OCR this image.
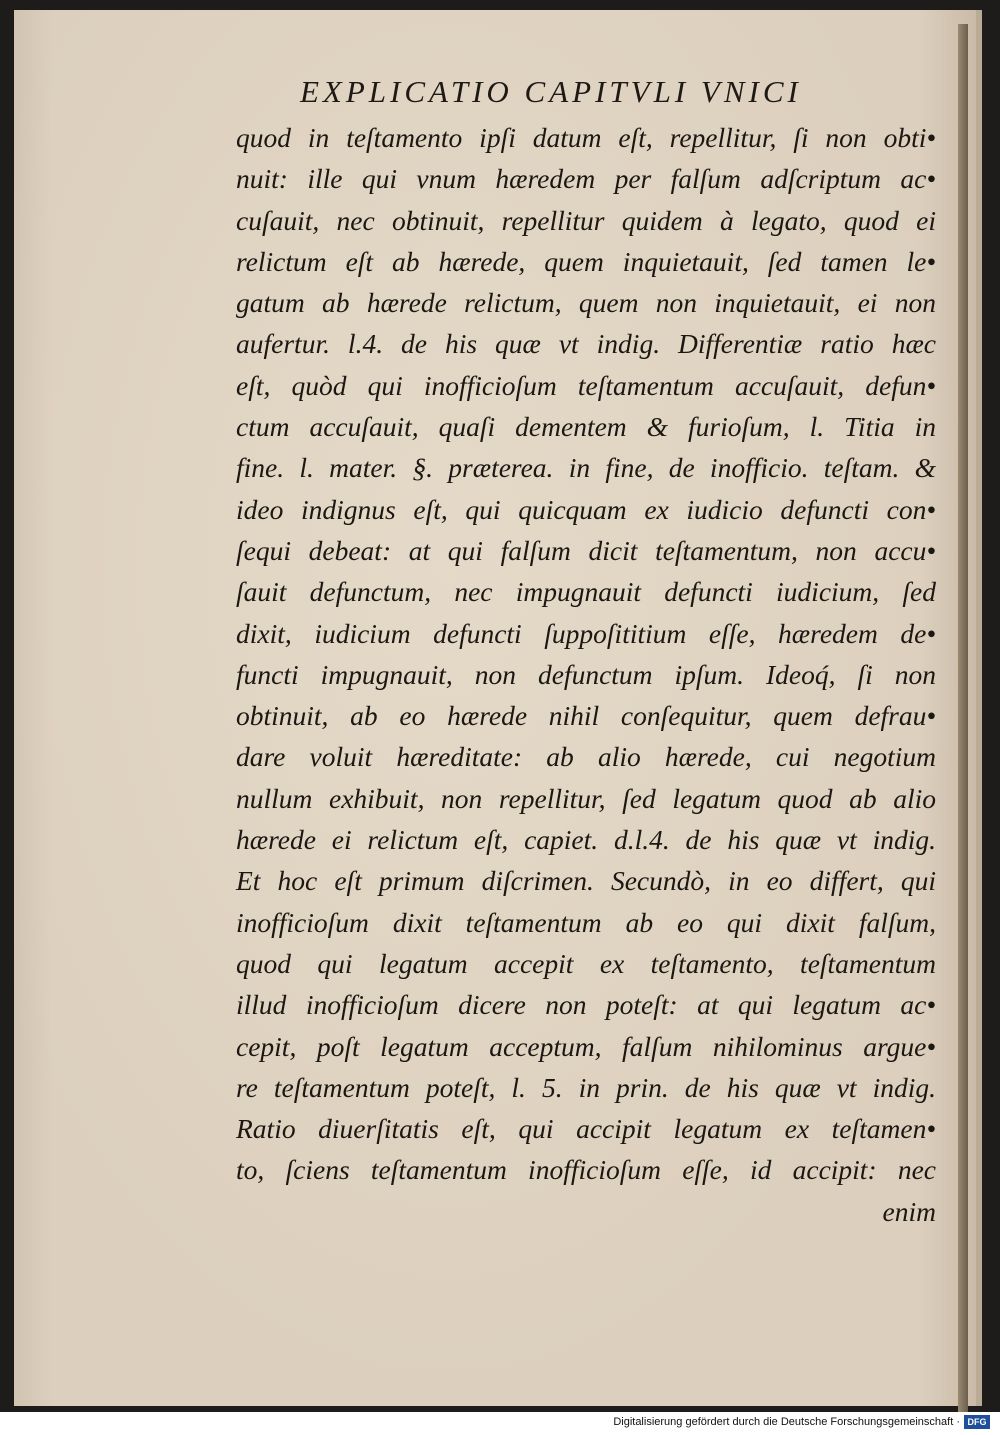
EXPLICATIO CAPITVLI VNICI
quod in teſtamento ipſi datum eſt, repellitur, ſi non obti•
nuit: ille qui vnum hæredem per falſum adſcriptum ac•
cuſauit, nec obtinuit, repellitur quidem à legato, quod ei
relictum eſt ab hærede, quem inquietauit, ſed tamen le•
gatum ab hærede relictum, quem non inquietauit, ei non
aufertur. l.4. de his quæ vt indig. Differentiæ ratio hæc
eſt, quòd qui inofficioſum teſtamentum accuſauit, defun•
ctum accuſauit, quaſi dementem & furioſum, l. Titia in
fine. l. mater. §. præterea. in fine, de inofficio. teſtam. &
ideo indignus eſt, qui quicquam ex iudicio defuncti con•
ſequi debeat: at qui falſum dicit teſtamentum, non accu•
ſauit defunctum, nec impugnauit defuncti iudicium, ſed
dixit, iudicium defuncti ſuppoſititium eſſe, hæredem de•
functi impugnauit, non defunctum ipſum. Ideoq́, ſi non
obtinuit, ab eo hærede nihil conſequitur, quem defrau•
dare voluit hæreditate: ab alio hærede, cui negotium
nullum exhibuit, non repellitur, ſed legatum quod ab alio
hærede ei relictum eſt, capiet. d.l.4. de his quæ vt indig.
Et hoc eſt primum diſcrimen. Secundò, in eo differt, qui
inofficioſum dixit teſtamentum ab eo qui dixit falſum,
quod qui legatum accepit ex teſtamento, teſtamentum
illud inofficioſum dicere non poteſt: at qui legatum ac•
cepit, poſt legatum acceptum, falſum nihilominus argue•
re teſtamentum poteſt, l. 5. in prin. de his quæ vt indig.
Ratio diuerſitatis eſt, qui accipit legatum ex teſtamen•
to, ſciens teſtamentum inofficioſum eſſe, id accipit: nec
enim
Digitalisierung gefördert durch die Deutsche Forschungsgemeinschaft · DFG
